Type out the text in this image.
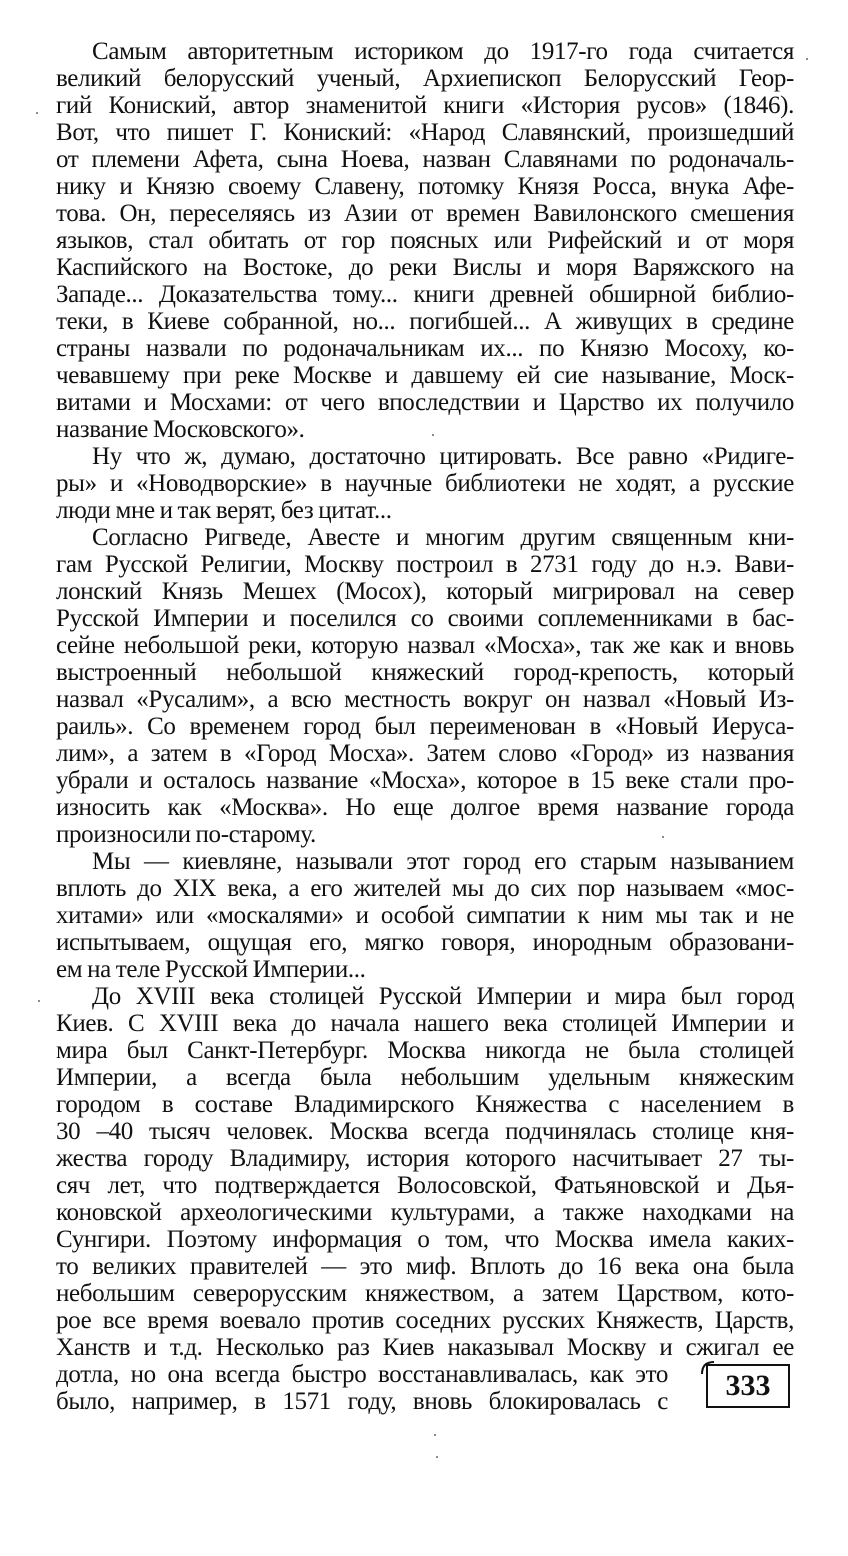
Самым авторитетным историком до 1917-го года считается
великий белорусский ученый, Архиепископ Белорусский Геор-
гий Кониский, автор знаменитой книги «История русов» (1846).
Вот, что пишет Г. Кониский: «Народ Славянский, произшедший
от племени Афета, сына Ноева, назван Славянами по родоначаль-
нику и Князю своему Славену, потомку Князя Росса, внука Афе-
това. Он, переселяясь из Азии от времен Вавилонского смешения
языков, стал обитать от гор поясных или Рифейский и от моря
Каспийского на Востоке, до реки Вислы и моря Варяжского на
Западе... Доказательства тому... книги древней обширной библио-
теки, в Киеве собранной, но... погибшей... А живущих в средине
страны назвали по родоначальникам их... по Князю Мосоху, ко-
чевавшему при реке Москве и давшему ей сие называние, Моск-
витами и Мосхами: от чего впоследствии и Царство их получило
название Московского».
Ну что ж, думаю, достаточно цитировать. Все равно «Ридиге-
ры» и «Новодворские» в научные библиотеки не ходят, а русские
люди мне и так верят, без цитат...
Согласно Ригведе, Авесте и многим другим священным кни-
гам Русской Религии, Москву построил в 2731 году до н.э. Вави-
лонский Князь Мешех (Мосох), который мигрировал на север
Русской Империи и поселился со своими соплеменниками в бас-
сейне небольшой реки, которую назвал «Мосха», так же как и вновь
выстроенный небольшой княжеский город-крепость, который
назвал «Русалим», а всю местность вокруг он назвал «Новый Из-
раиль». Со временем город был переименован в «Новый Иеруса-
лим», а затем в «Город Мосха». Затем слово «Город» из названия
убрали и осталось название «Мосха», которое в 15 веке стали про-
износить как «Москва». Но еще долгое время название города
произносили по-старому.
Мы — киевляне, называли этот город его старым называнием
вплоть до XIX века, а его жителей мы до сих пор называем «мос-
хитами» или «москалями» и особой симпатии к ним мы так и не
испытываем, ощущая его, мягко говоря, инородным образовани-
ем на теле Русской Империи...
До XVIII века столицей Русской Империи и мира был город
Киев. С XVIII века до начала нашего века столицей Империи и
мира был Санкт-Петербург. Москва никогда не была столицей
Империи, а всегда была небольшим удельным княжеским
городом в составе Владимирского Княжества с населением в
30 –40 тысяч человек. Москва всегда подчинялась столице кня-
жества городу Владимиру, история которого насчитывает 27 ты-
сяч лет, что подтверждается Волосовской, Фатьяновской и Дья-
коновской археологическими культурами, а также находками на
Сунгири. Поэтому информация о том, что Москва имела каких-
то великих правителей — это миф. Вплоть до 16 века она была
небольшим северорусским княжеством, а затем Царством, кото-
рое все время воевало против соседних русских Княжеств, Царств,
Ханств и т.д. Несколько раз Киев наказывал Москву и сжигал ее
дотла, но она всегда быстро восстанавливалась, как это
было, например, в 1571 году, вновь блокировалась с	333
